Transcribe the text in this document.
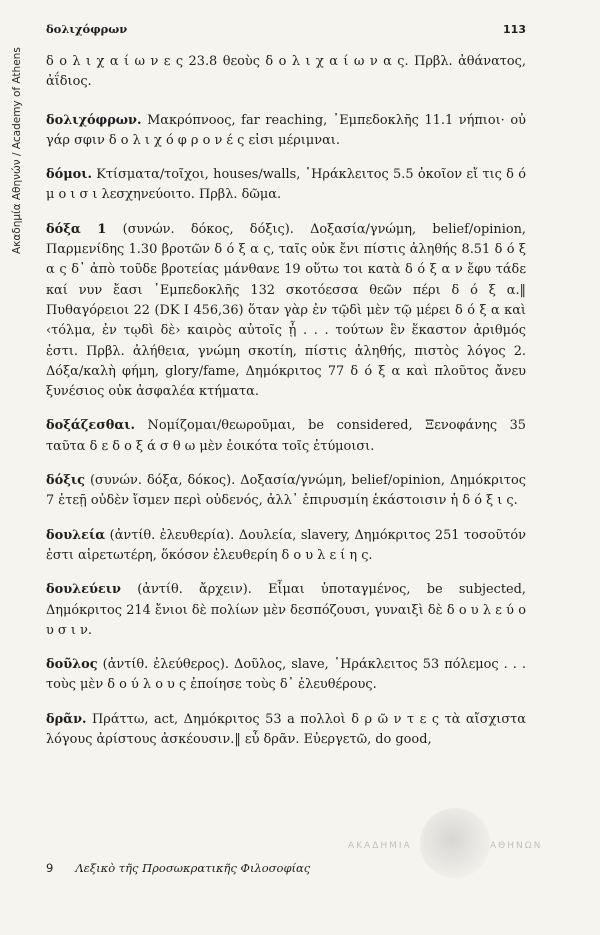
Ακαδημία Αθηνών / Academy of Athens
δολιχόφρων	113

δ ο λ ι χ α ί ω ν ε ς 23.8 θεοὺς δ ο λ ι χ α ί ω ν α ς. Πρβλ. ἀθάνατος, ἀΐδιος.

δολιχόφρων. Μακρόπνοος, far reaching, ᾿Εμπεδοκλῆς 11.1 νήπιοι· οὐ γάρ σφιν δ ο λ ι χ ό φ ρ ο ν έ ς εἰσι μέριμναι.

δόμοι. Κτίσματα/τοῖχοι, houses/walls, ῾Ηράκλειτος 5.5 ὁκοῖον εἴ τις δ ό μ ο ι σ ι λεσχηνεύοιτο. Πρβλ. δῶμα.

δόξα 1 (συνών. δόκος, δόξις). Δοξασία/γνώμη, belief/opinion, Παρμενίδης 1.30 βροτῶν δ ό ξ α ς, ταῖς οὐκ ἔνι πίστις ἀληθής 8.51 δ ό ξ α ς δ᾿ ἀπὸ τοῦδε βροτείας μάνθανε 19 οὕτω τοι κατὰ δ ό ξ α ν ἔφυ τάδε καί νυν ἔασι ᾿Εμπεδοκλῆς 132 σκοτόεσσα θεῶν πέρι δ ό ξ α.‖ Πυθαγόρειοι 22 (DK I 456,36) ὅταν γὰρ ἐν τῷδὶ μὲν τῷ μέρει δ ό ξ α καὶ ‹τόλμα, ἐν τῳδὶ δὲ› καιρὸς αὐτοῖς ᾖ . . . τούτων ἓν ἕκαστον ἀριθμός ἐστι. Πρβλ. ἀλήθεια, γνώμη σκοτίη, πίστις ἀληθής, πιστὸς λόγος 2. Δόξα/καλὴ φήμη, glory/fame, Δημόκριτος 77 δ ό ξ α καὶ πλοῦτος ἄνευ ξυνέσιος οὐκ ἀσφαλέα κτήματα.

δοξάζεσθαι. Νομίζομαι/θεωροῦμαι, be considered, Ξενοφάνης 35 ταῦτα δ ε δ ο ξ ά σ θ ω μὲν ἐοικότα τοῖς ἐτύμοισι.

δόξις (συνών. δόξα, δόκος). Δοξασία/γνώμη, belief/opinion, Δημόκριτος 7 ἐτεῇ οὐδὲν ἴσμεν περὶ οὐδενός, ἀλλ᾿ ἐπιρυσμίη ἑκάστοισιν ἡ δ ό ξ ι ς.

δουλεία (ἀντίθ. ἐλευθερία). Δουλεία, slavery, Δημόκριτος 251 τοσοῦτόν ἐστι αἱρετωτέρη, ὅκόσον ἐλευθερίη δ ο υ λ ε ί η ς.

δουλεύειν (ἀντίθ. ἄρχειν). Εἶμαι ὑποταγμένος, be subjected, Δημόκριτος 214 ἔνιοι δὲ πολίων μὲν δεσπόζουσι, γυναιξὶ δὲ δ ο υ λ ε ύ ο υ σ ι ν.

δοῦλος (ἀντίθ. ἐλεύθερος). Δοῦλος, slave, ῾Ηράκλειτος 53 πόλεμος . . . τοὺς μὲν δ ο ύ λ ο υ ς ἐποίησε τοὺς δ᾿ ἐλευθέρους.

δρᾶν. Πράττω, act, Δημόκριτος 53 a πολλοὶ δ ρ ῶ ν τ ε ς τὰ αἴσχιστα λόγους ἀρίστους ἀσκέουσιν.‖ εὖ δρᾶν. Εὐεργετῶ, do good,

ΑΚΑΔΗΜΙΑ	ΑΘΗΝΩΝ
9 Λεξικὸ τῆς Προσωκρατικῆς Φιλοσοφίας
